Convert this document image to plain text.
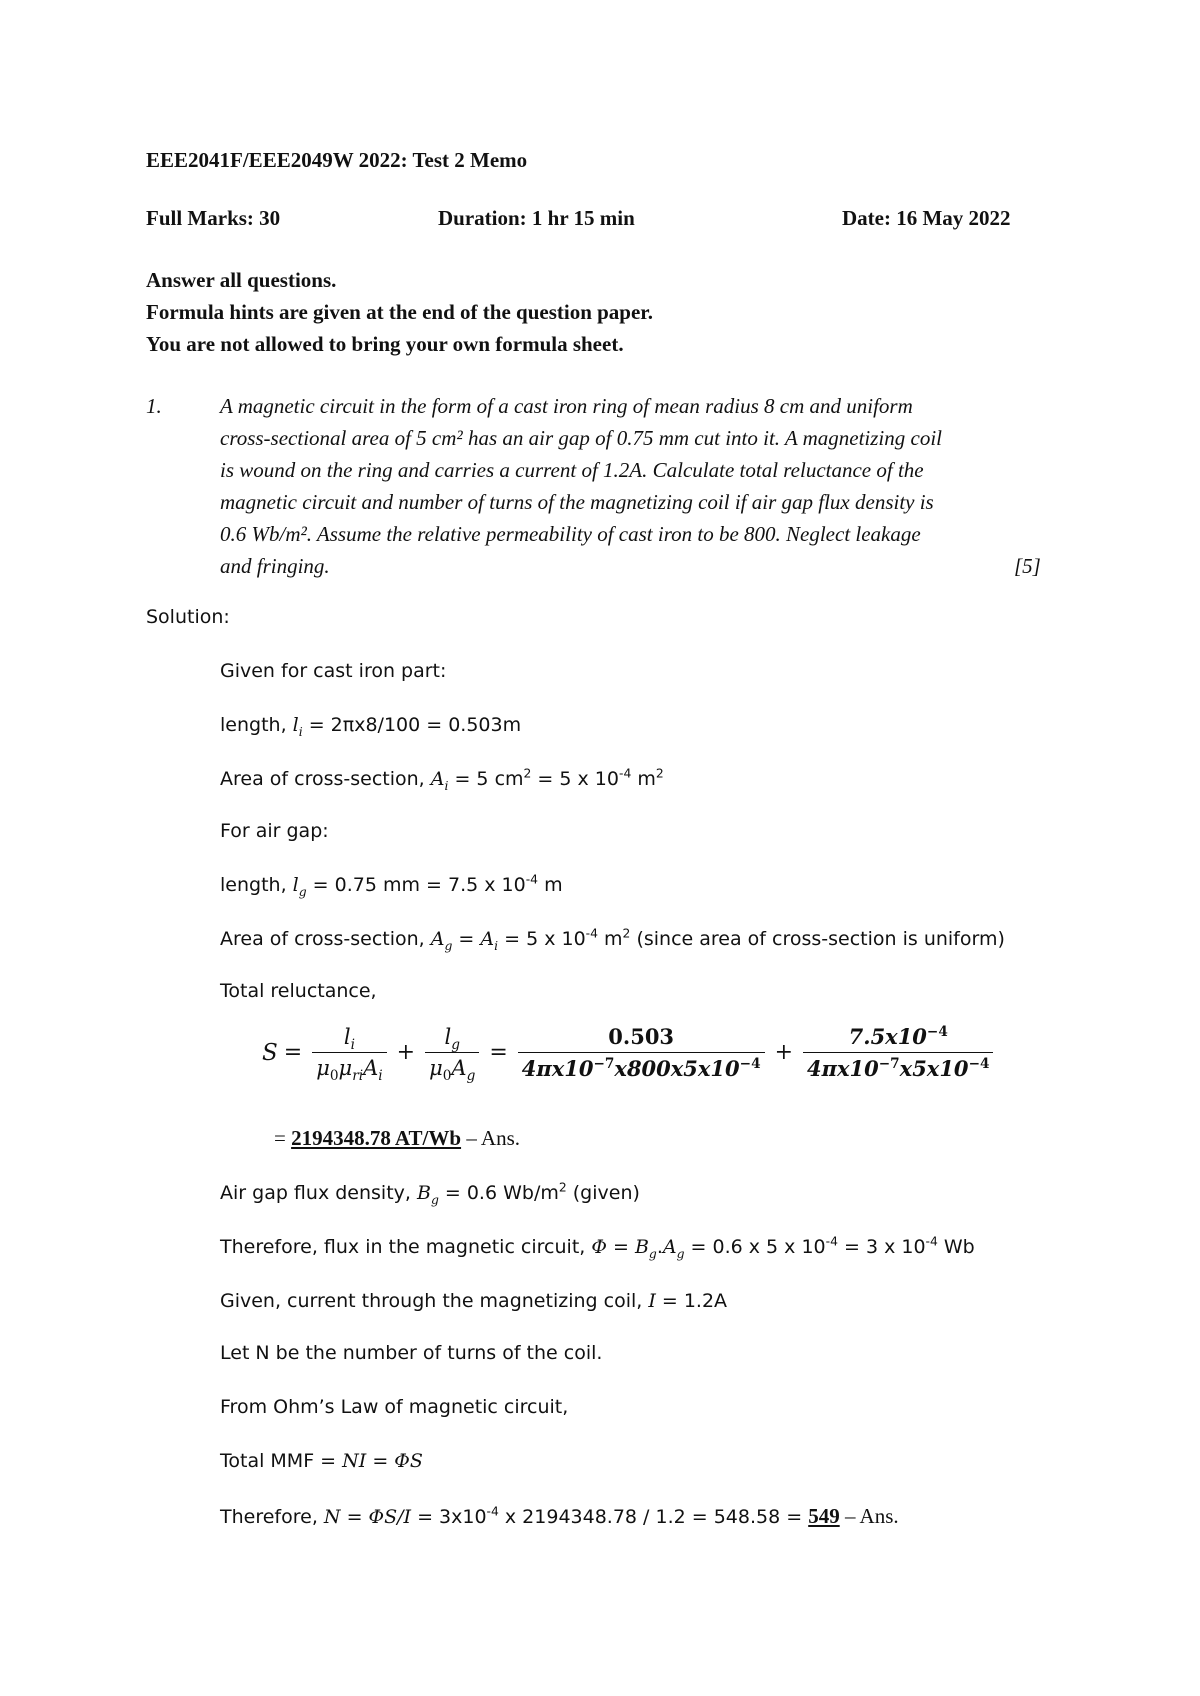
EEE2041F/EEE2049W 2022: Test 2 Memo
Full Marks: 30	Duration: 1 hr 15 min	Date: 16 May 2022
Answer all questions.
Formula hints are given at the end of the question paper.
You are not allowed to bring your own formula sheet.
1.	A magnetic circuit in the form of a cast iron ring of mean radius 8 cm and uniform
cross-sectional area of 5 cm² has an air gap of 0.75 mm cut into it. A magnetizing coil
is wound on the ring and carries a current of 1.2A. Calculate total reluctance of the
magnetic circuit and number of turns of the magnetizing coil if air gap flux density is
0.6 Wb/m². Assume the relative permeability of cast iron to be 800. Neglect leakage
and fringing.	[5]
Solution:
Given for cast iron part:
length, $l_i = 2\pi x8/100 = 0.503m$
Area of cross-section, $A_i = 5$ $cm^2 = 5$ x $10^{-4}$ $m^2$
For air gap:
length, $l_g = 0.75$ mm = 7.5 x $10^{-4}$ m
Area of cross-section, $A_g = A_i = 5$ x $10^{-4}$ $m^2$ (since area of cross-section is uniform)
Total reluctance,
$S = \frac{l_i}{\mu_0\mu_{ri}A_i} + \frac{l_g}{\mu_0A_g} = \frac{0.503}{4\pi x10^{-7}x800x5x10^{-4}} + \frac{7.5x10^{-4}}{4\pi x10^{-7}x5x10^{-4}}$
= 2194348.78 AT/Wb – Ans.
Air gap flux density, $B_g = 0.6$ $Wb/m^2$ (given)
Therefore, flux in the magnetic circuit, $\Phi = B_g.A_g = 0.6$ x 5 x $10^{-4} = 3$ x $10^{-4}$ Wb
Given, current through the magnetizing coil, I = 1.2A
Let N be the number of turns of the coil.
From Ohm’s Law of magnetic circuit,
Total MMF = NI = ΦS
Therefore, $N = \Phi S/I = 3x10^{-4}$ x 2194348.78 / 1.2 = 548.58 = 549 – Ans.
